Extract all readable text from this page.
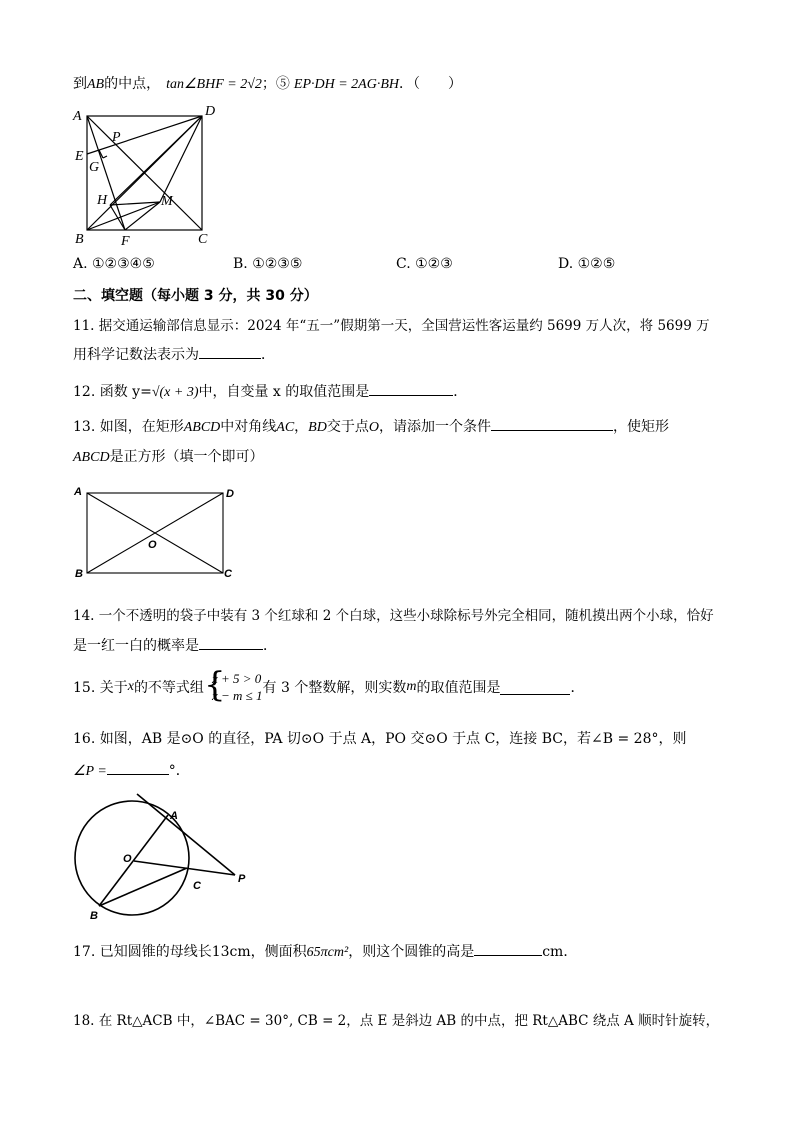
到AB的中点， tan∠BHF = 2√2；⑤ EP·DH = 2AG·BH．（　　）
A	D
P
E
G
H	M
B	F	C
A. ①②③④⑤	B. ①②③⑤	C. ①②③	D. ①②⑤
二、填空题（每小题 3 分，共 30 分）
11. 据交通运输部信息显示：2024 年“五一”假期第一天，全国营运性客运量约 5699 万人次，将 5699 万
用科学记数法表示为	．
12. 函数 y=√(x + 3)中，自变量 x 的取值范围是	．
13. 如图，在矩形ABCD中对角线AC，BD交于点O，请添加一个条件	，使矩形
ABCD是正方形（填一个即可）
A	D
O
B	C
14. 一个不透明的袋子中装有 3 个红球和 2 个白球，这些小球除标号外完全相同，随机摸出两个小球，恰好
是一红一白的概率是	．
15. 关于x的不等式组 {
x + 5 > 0
x − m ≤ 1 有 3 个整数解，则实数m的取值范围是	．
16. 如图，AB 是⊙O 的直径，PA 切⊙O 于点 A，PO 交⊙O 于点 C，连接 BC，若∠B = 28°，则
∠P =	°．
A
O
C
P
B
17. 已知圆锥的母线长13cm，侧面积65πcm²，则这个圆锥的高是	cm．
18. 在 Rt△ACB 中，∠BAC = 30°, CB = 2，点 E 是斜边 AB 的中点，把 Rt△ABC 绕点 A 顺时针旋转，
